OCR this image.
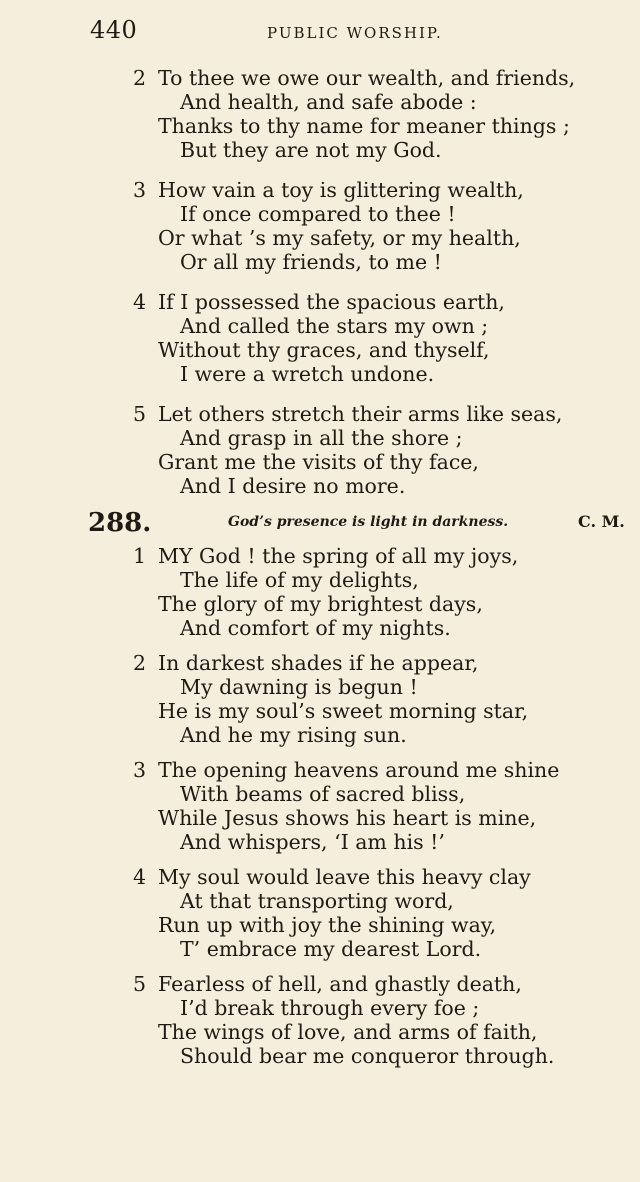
440	PUBLIC WORSHIP.
2 To thee we owe our wealth, and friends,
And health, and safe abode :
Thanks to thy name for meaner things ;
But they are not my God.
3 How vain a toy is glittering wealth,
If once compared to thee !
Or what ’s my safety, or my health,
Or all my friends, to me !
4 If I possessed the spacious earth,
And called the stars my own ;
Without thy graces, and thyself,
I were a wretch undone.
5 Let others stretch their arms like seas,
And grasp in all the shore ;
Grant me the visits of thy face,
And I desire no more.
288.	God’s presence is light in darkness.	C. M.
1 MY God ! the spring of all my joys,
The life of my delights,
The glory of my brightest days,
And comfort of my nights.
2 In darkest shades if he appear,
My dawning is begun !
He is my soul’s sweet morning star,
And he my rising sun.
3 The opening heavens around me shine
With beams of sacred bliss,
While Jesus shows his heart is mine,
And whispers, ‘I am his !’
4 My soul would leave this heavy clay
At that transporting word,
Run up with joy the shining way,
T’ embrace my dearest Lord.
5 Fearless of hell, and ghastly death,
I’d break through every foe ;
The wings of love, and arms of faith,
Should bear me conqueror through.
